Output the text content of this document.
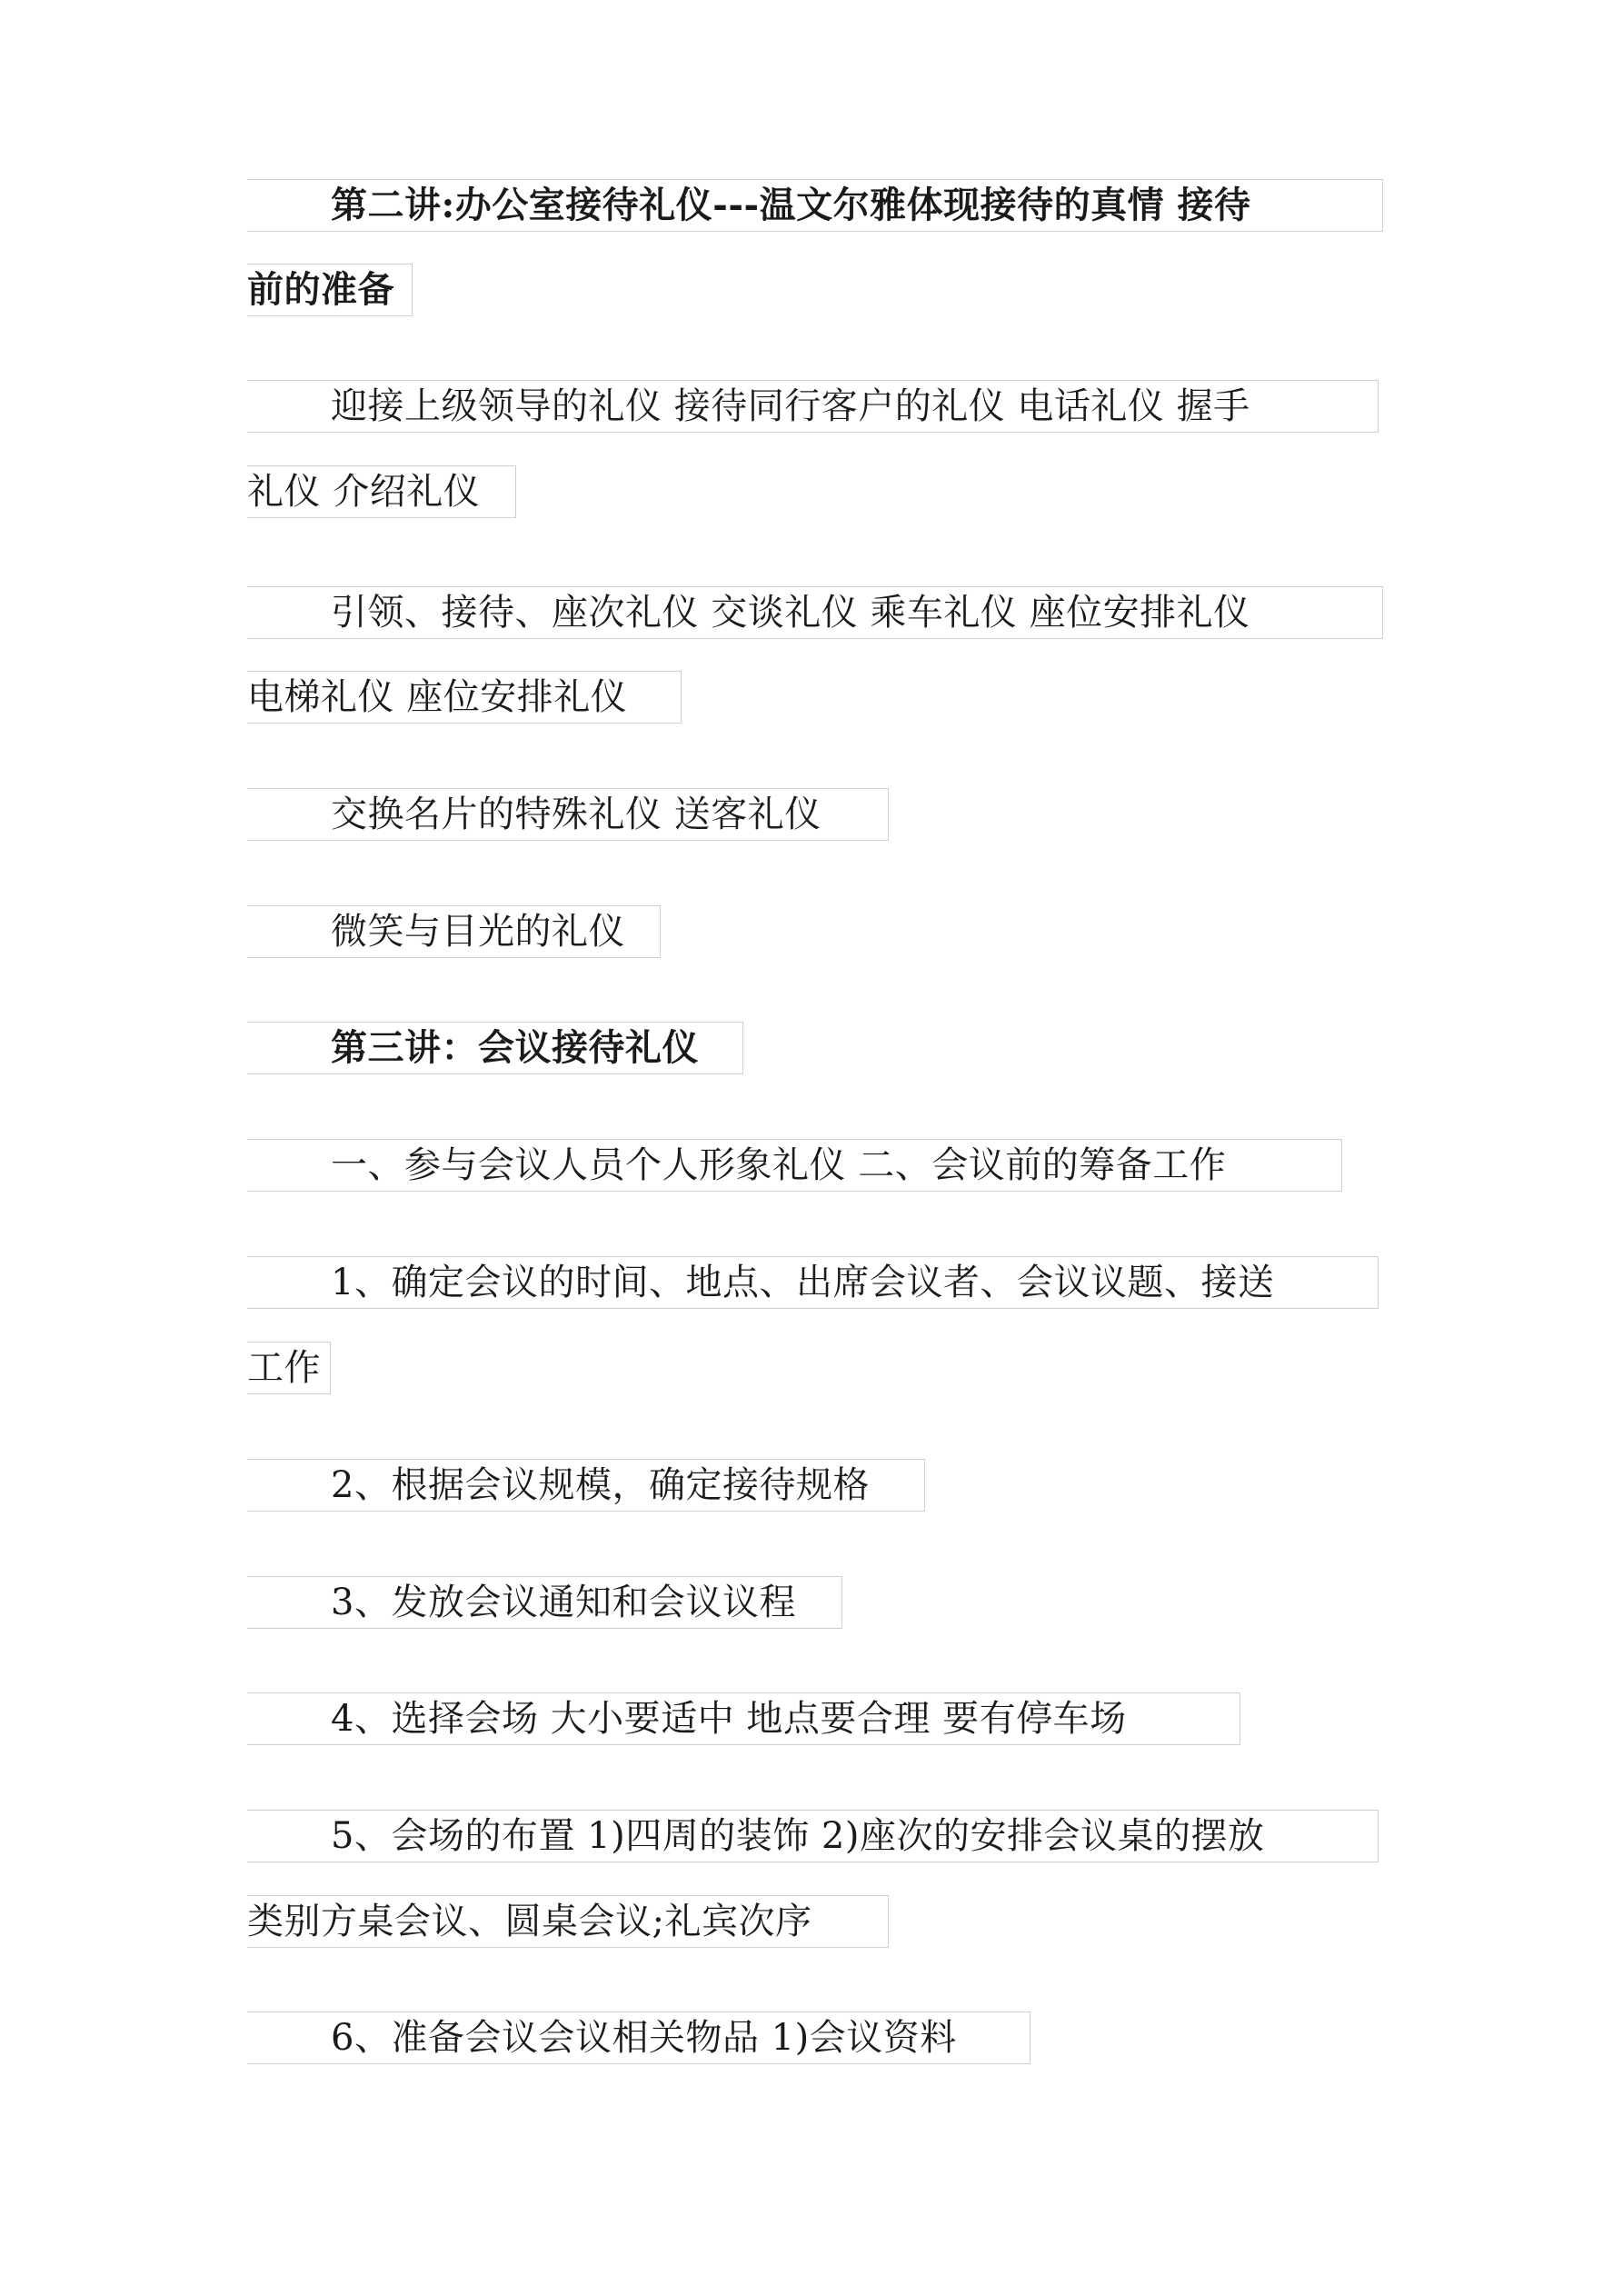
第二讲:办公室接待礼仪---温文尔雅体现接待的真情 接待
前的准备
迎接上级领导的礼仪 接待同行客户的礼仪 电话礼仪 握手
礼仪 介绍礼仪
引领、接待、座次礼仪 交谈礼仪 乘车礼仪 座位安排礼仪
电梯礼仪 座位安排礼仪
交换名片的特殊礼仪 送客礼仪
微笑与目光的礼仪
第三讲：会议接待礼仪
一、参与会议人员个人形象礼仪 二、会议前的筹备工作
1、确定会议的时间、地点、出席会议者、会议议题、接送
工作
2、根据会议规模，确定接待规格
3、发放会议通知和会议议程
4、选择会场 大小要适中 地点要合理 要有停车场
5、会场的布置 1)四周的装饰 2)座次的安排会议桌的摆放
类别方桌会议、圆桌会议;礼宾次序
6、准备会议会议相关物品 1)会议资料
